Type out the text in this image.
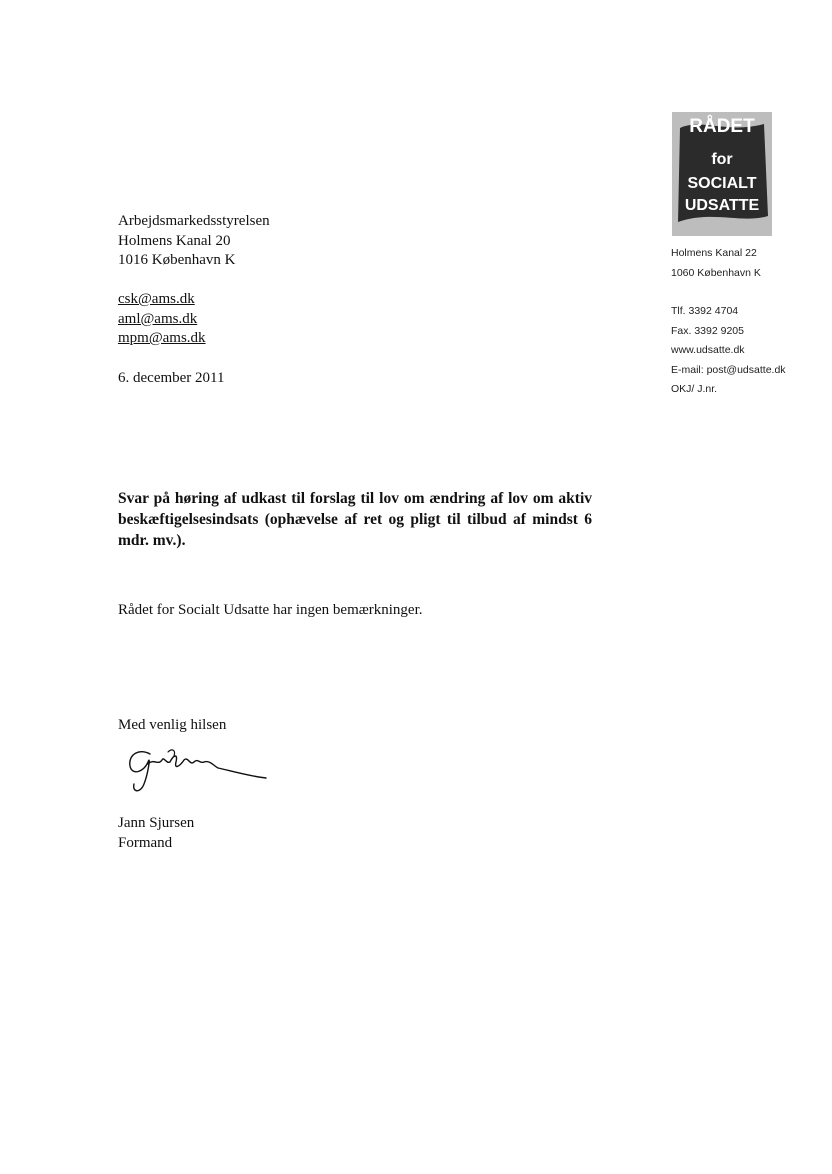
RÅDET
for
SOCIALT
UDSATTE
Holmens Kanal 22
1060 København K
Tlf. 3392 4704
Fax. 3392 9205
www.udsatte.dk
E-mail: post@udsatte.dk
OKJ/ J.nr.
Arbejdsmarkedsstyrelsen
Holmens Kanal 20
1016 København K
csk@ams.dk
aml@ams.dk
mpm@ams.dk
6. december 2011
Svar på høring af udkast til forslag til lov om ændring af lov om aktiv beskæftigelsesindsats (ophævelse af ret og pligt til tilbud af mindst 6 mdr. mv.).
Rådet for Socialt Udsatte har ingen bemærkninger.
Med venlig hilsen
Jann Sjursen
Formand
